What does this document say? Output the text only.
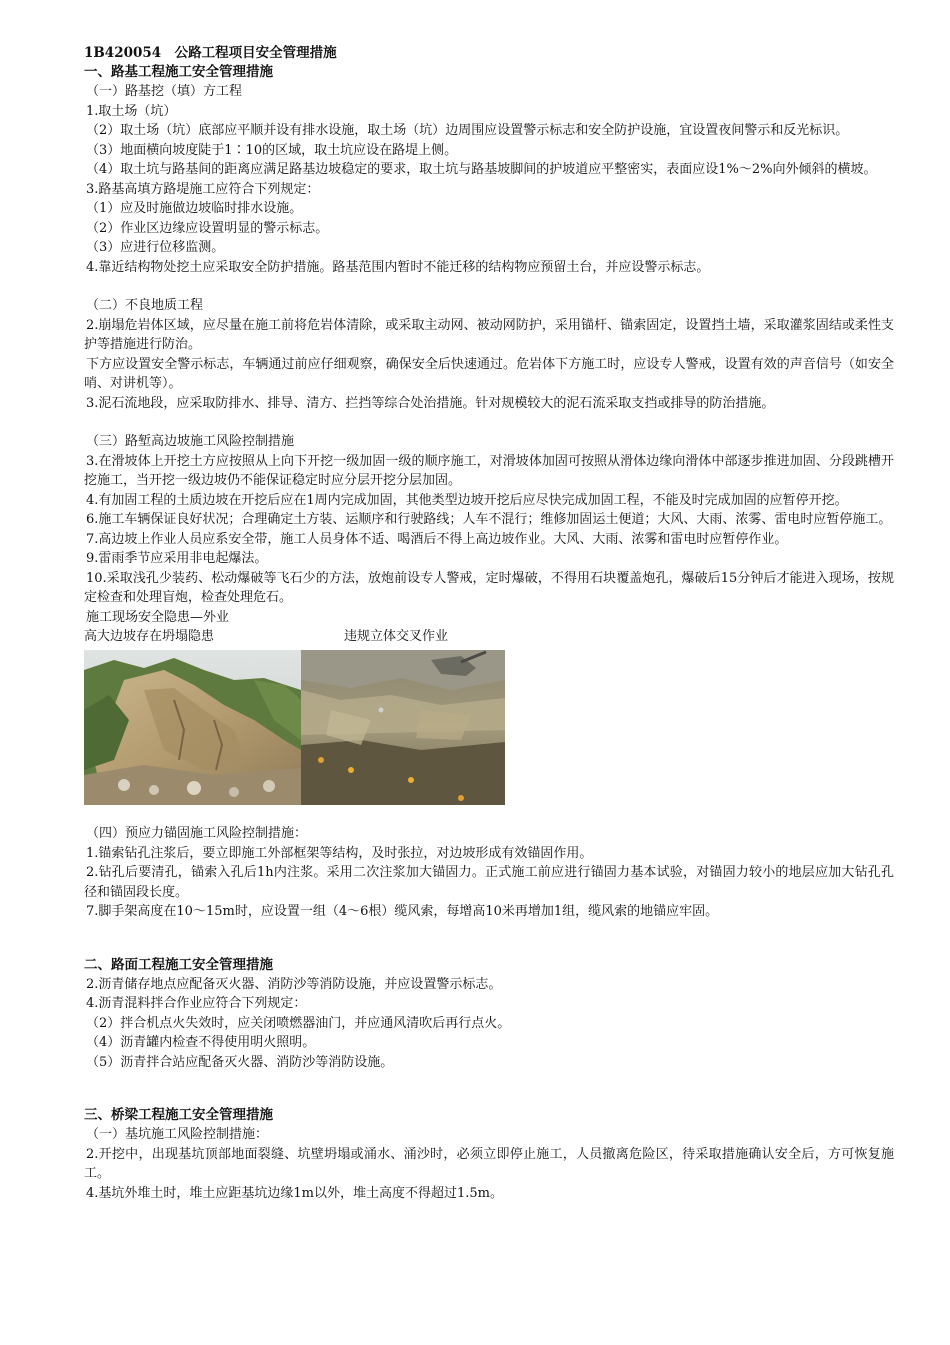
1B420054　公路工程项目安全管理措施

一、路基工程施工安全管理措施

（一）路基挖（填）方工程

1.取土场（坑）

（2）取土场（坑）底部应平顺并设有排水设施，取土场（坑）边周围应设置警示标志和安全防护设施，宜设置夜间警示和反光标识。

（3）地面横向坡度陡于1∶10的区域，取土坑应设在路堤上侧。

（4）取土坑与路基间的距离应满足路基边坡稳定的要求，取土坑与路基坡脚间的护坡道应平整密实，表面应设1%～2%向外倾斜的横坡。

3.路基高填方路堤施工应符合下列规定：

（1）应及时施做边坡临时排水设施。

（2）作业区边缘应设置明显的警示标志。

（3）应进行位移监测。

4.靠近结构物处挖土应采取安全防护措施。路基范围内暂时不能迁移的结构物应预留土台，并应设警示标志。

（二）不良地质工程

2.崩塌危岩体区域，应尽量在施工前将危岩体清除，或采取主动网、被动网防护，采用锚杆、锚索固定，设置挡土墙，采取灌浆固结或柔性支护等措施进行防治。

下方应设置安全警示标志，车辆通过前应仔细观察，确保安全后快速通过。危岩体下方施工时，应设专人警戒，设置有效的声音信号（如安全哨、对讲机等）。

3.泥石流地段，应采取防排水、排导、清方、拦挡等综合处治措施。针对规模较大的泥石流采取支挡或排导的防治措施。

（三）路堑高边坡施工风险控制措施

3.在滑坡体上开挖土方应按照从上向下开挖一级加固一级的顺序施工，对滑坡体加固可按照从滑体边缘向滑体中部逐步推进加固、分段跳槽开挖施工，当开挖一级边坡仍不能保证稳定时应分层开挖分层加固。

4.有加固工程的土质边坡在开挖后应在1周内完成加固，其他类型边坡开挖后应尽快完成加固工程，不能及时完成加固的应暂停开挖。

6.施工车辆保证良好状况；合理确定土方装、运顺序和行驶路线；人车不混行；维修加固运土便道；大风、大雨、浓雾、雷电时应暂停施工。

7.高边坡上作业人员应系安全带，施工人员身体不适、喝酒后不得上高边坡作业。大风、大雨、浓雾和雷电时应暂停作业。

9.雷雨季节应采用非电起爆法。

10.采取浅孔少装药、松动爆破等飞石少的方法，放炮前设专人警戒，定时爆破，不得用石块覆盖炮孔，爆破后15分钟后才能进入现场，按规定检查和处理盲炮，检查处理危石。

施工现场安全隐患—外业

高大边坡存在坍塌隐患	违规立体交叉作业

（四）预应力锚固施工风险控制措施：

1.锚索钻孔注浆后，要立即施工外部框架等结构，及时张拉，对边坡形成有效锚固作用。

2.钻孔后要清孔，锚索入孔后1h内注浆。采用二次注浆加大锚固力。正式施工前应进行锚固力基本试验，对锚固力较小的地层应加大钻孔孔径和锚固段长度。

7.脚手架高度在10～15m时，应设置一组（4～6根）缆风索，每增高10米再增加1组，缆风索的地锚应牢固。

二、路面工程施工安全管理措施

2.沥青储存地点应配备灭火器、消防沙等消防设施，并应设置警示标志。

4.沥青混料拌合作业应符合下列规定：

（2）拌合机点火失效时，应关闭喷燃器油门，并应通风清吹后再行点火。

（4）沥青罐内检查不得使用明火照明。

（5）沥青拌合站应配备灭火器、消防沙等消防设施。

三、桥梁工程施工安全管理措施

（一）基坑施工风险控制措施：

2.开挖中，出现基坑顶部地面裂缝、坑壁坍塌或涌水、涌沙时，必须立即停止施工，人员撤离危险区，待采取措施确认安全后，方可恢复施工。

4.基坑外堆土时，堆土应距基坑边缘1m以外，堆土高度不得超过1.5m。
